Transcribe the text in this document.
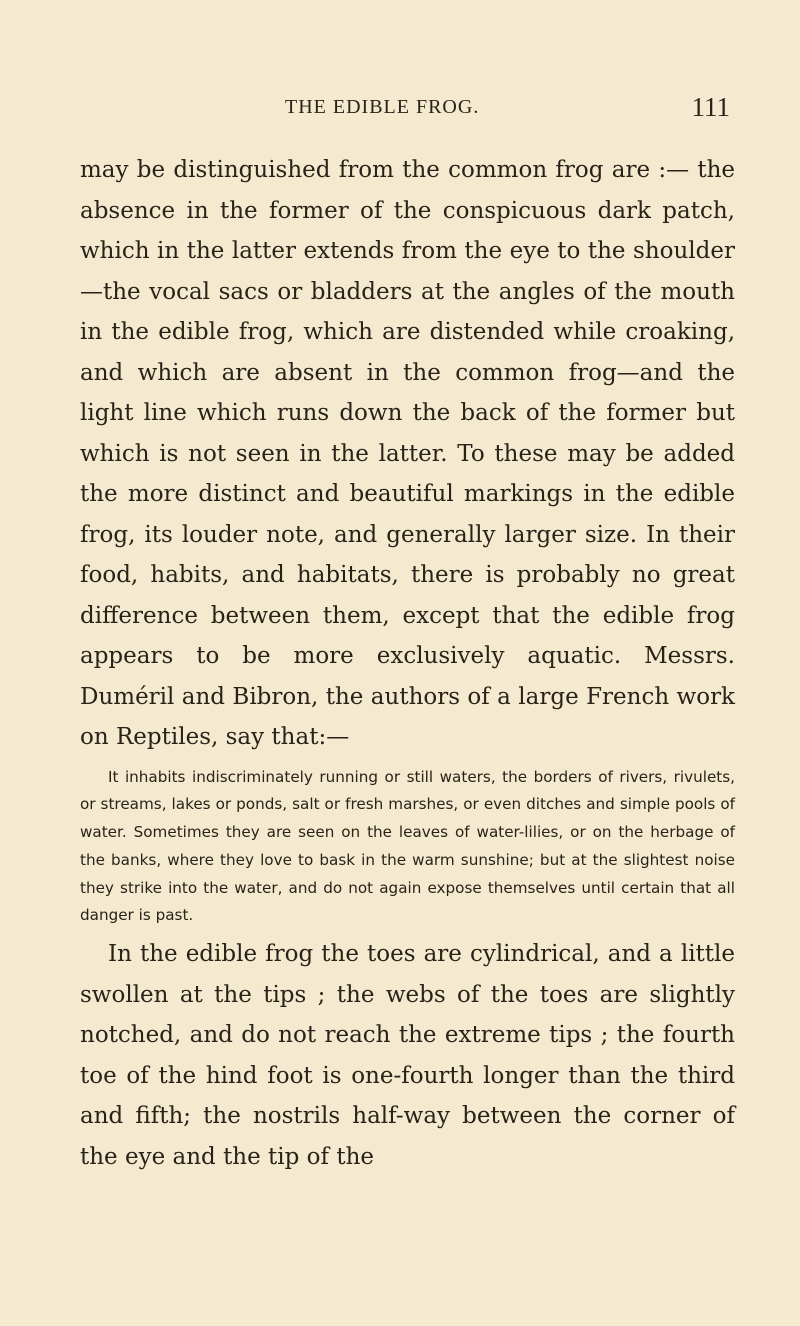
THE EDIBLE FROG.	111

may be distinguished from the common frog are :— the absence in the former of the conspicuous dark patch, which in the latter extends from the eye to the shoulder—the vocal sacs or bladders at the angles of the mouth in the edible frog, which are distended while croaking, and which are absent in the common frog—and the light line which runs down the back of the former but which is not seen in the latter. To these may be added the more distinct and beautiful markings in the edible frog, its louder note, and generally larger size. In their food, habits, and habitats, there is probably no great difference between them, except that the edible frog appears to be more exclusively aquatic. Messrs. Duméril and Bibron, the authors of a large French work on Reptiles, say that:—

It inhabits indiscriminately running or still waters, the borders of rivers, rivulets, or streams, lakes or ponds, salt or fresh marshes, or even ditches and simple pools of water. Sometimes they are seen on the leaves of water-lilies, or on the herbage of the banks, where they love to bask in the warm sunshine; but at the slightest noise they strike into the water, and do not again expose themselves until certain that all danger is past.

In the edible frog the toes are cylindrical, and a little swollen at the tips ; the webs of the toes are slightly notched, and do not reach the extreme tips ; the fourth toe of the hind foot is one-fourth longer than the third and fifth; the nostrils half-way between the corner of the eye and the tip of the
